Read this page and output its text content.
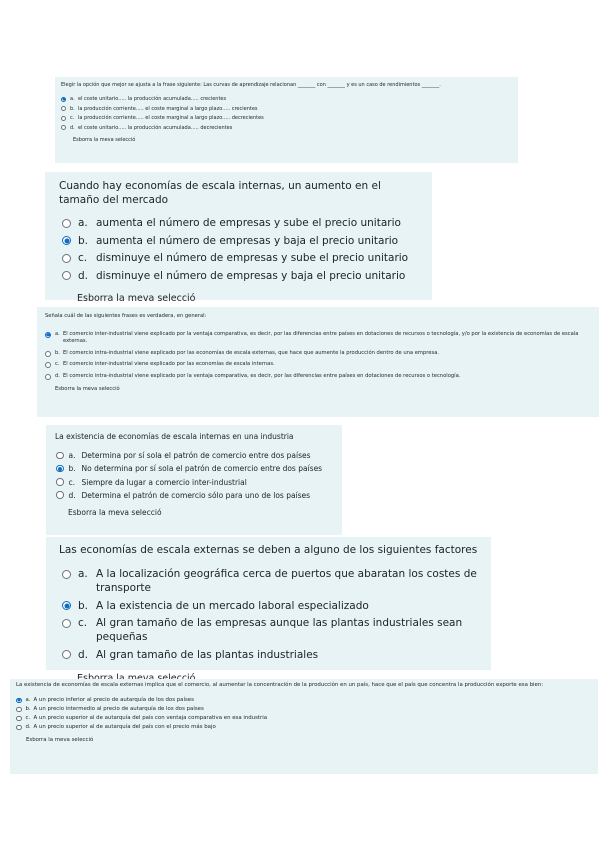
Elegir la opción que mejor se ajusta a la frase siguiente: Las curvas de aprendizaje relacionan _______ con _______ y es un caso de rendimientos _______.

a. el coste unitario..... la producción acumulada..... crecientes
b. la producción corriente..... el coste marginal a largo plazo..... crecientes
c. la producción corriente..... el coste marginal a largo plazo..... decrecientes
d. el coste unitario..... la producción acumulada..... decrecientes
Esborra la meva selecció

Cuando hay economías de escala internas, un aumento en el tamaño del mercado

a. aumenta el número de empresas y sube el precio unitario
b. aumenta el número de empresas y baja el precio unitario
c. disminuye el número de empresas y sube el precio unitario
d. disminuye el número de empresas y baja el precio unitario
Esborra la meva selecció

Señala cuál de las siguientes frases es verdadera, en general:

a. El comercio inter-industrial viene explicado por la ventaja comparativa, es decir, por las diferencias entre países en dotaciones de recursos o tecnología, y/o por la existencia de economías de escala externas.
b. El comercio intra-industrial viene explicado por las economías de escala externas, que hace que aumente la producción dentro de una empresa.
c. El comercio inter-industrial viene explicado por las economías de escala internas.
d. El comercio intra-industrial viene explicado por la ventaja comparativa, es decir, por las diferencias entre países en dotaciones de recursos o tecnología.
Esborra la meva selecció

La existencia de economías de escala internas en una industria

a. Determina por sí sola el patrón de comercio entre dos países
b. No determina por sí sola el patrón de comercio entre dos países
c. Siempre da lugar a comercio inter-industrial
d. Determina el patrón de comercio sólo para uno de los países
Esborra la meva selecció

Las economías de escala externas se deben a alguno de los siguientes factores

a. A la localización geográfica cerca de puertos que abaratan los costes de transporte
b. A la existencia de un mercado laboral especializado
c. Al gran tamaño de las empresas aunque las plantas industriales sean pequeñas
d. Al gran tamaño de las plantas industriales

La existencia de economías de escala externas implica que el comercio, al aumentar la concentración de la producción en un país, hace que el país que concentra la producción exporte esa bien:

a. A un precio inferior al precio de autarquía de los dos países
b. A un precio intermedio al precio de autarquía de los dos países
c. A un precio superior al de autarquía del país con ventaja comparativa en esa industria
d. A un precio superior al de autarquía del país con el precio más bajo
Esborra la meva selecció
